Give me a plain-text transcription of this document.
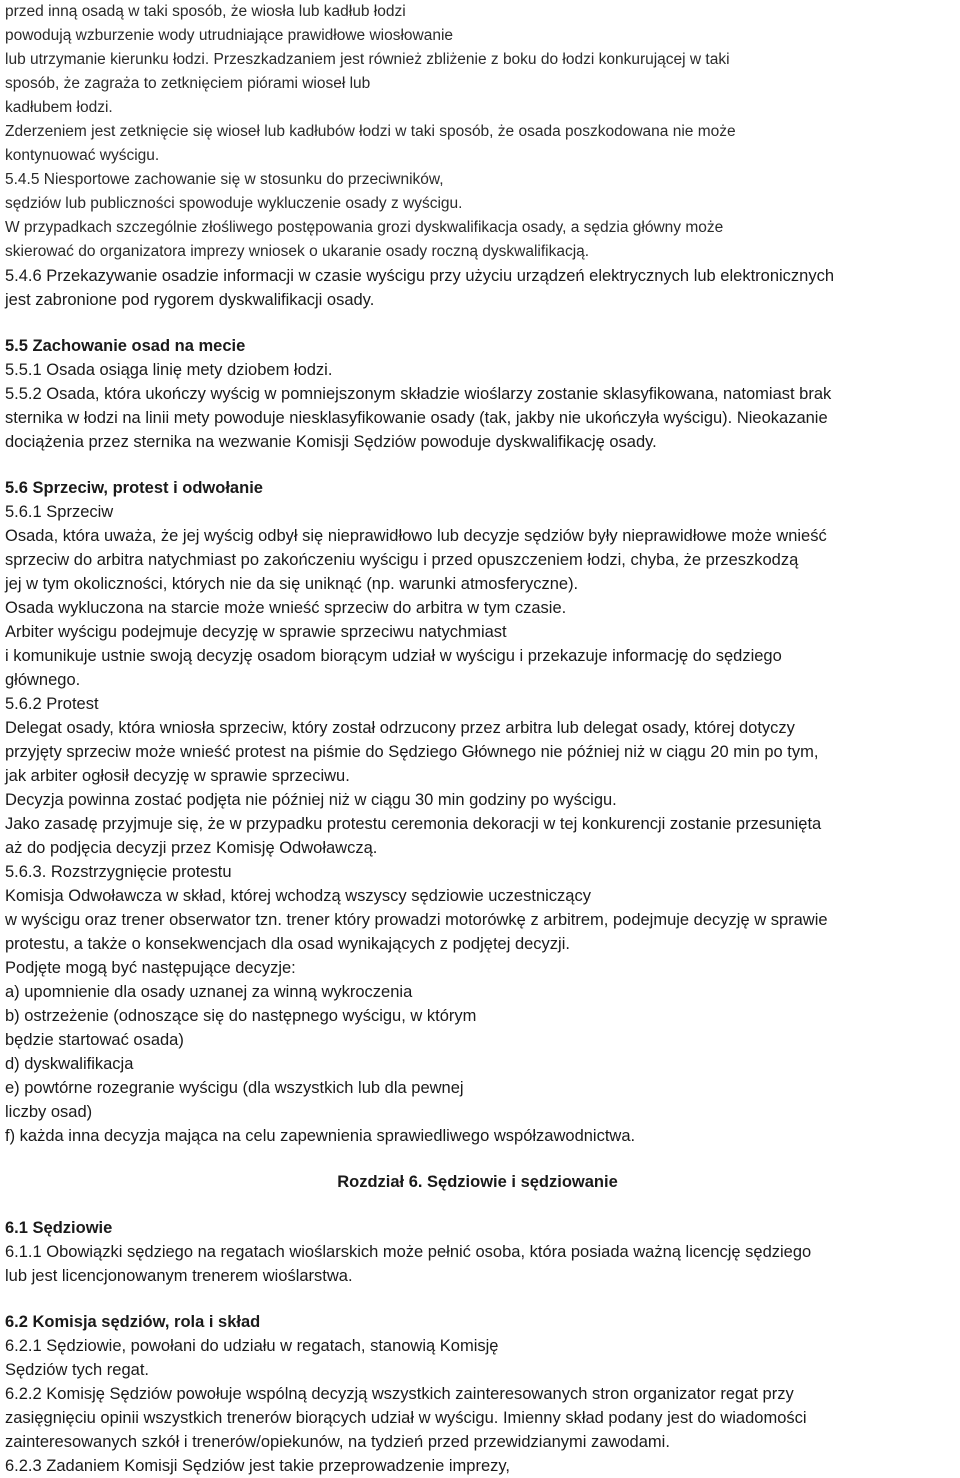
przed inną osadą w taki sposób, że wiosła lub kadłub łodzi
powodują wzburzenie wody utrudniające prawidłowe wiosłowanie
lub utrzymanie kierunku łodzi. Przeszkadzaniem jest również zbliżenie z boku do łodzi konkurującej w taki
sposób, że zagraża to zetknięciem piórami wioseł lub
kadłubem łodzi.
Zderzeniem jest zetknięcie się wioseł lub kadłubów łodzi w taki sposób, że osada poszkodowana nie może
kontynuować wyścigu.
5.4.5 Niesportowe zachowanie się w stosunku do przeciwników,
sędziów lub publiczności spowoduje wykluczenie osady z wyścigu.
W przypadkach szczególnie złośliwego postępowania grozi dyskwalifikacja osady, a sędzia główny może
skierować do organizatora imprezy wniosek o ukaranie osady roczną dyskwalifikacją.
5.4.6 Przekazywanie osadzie informacji w czasie wyścigu przy użyciu urządzeń elektrycznych lub elektronicznych
jest zabronione pod rygorem dyskwalifikacji osady.
5.5 Zachowanie osad na mecie
5.5.1 Osada osiąga linię mety dziobem łodzi.
5.5.2 Osada, która ukończy wyścig w pomniejszonym składzie wioślarzy zostanie sklasyfikowana, natomiast brak
sternika w łodzi na linii mety powoduje niesklasyfikowanie osady (tak, jakby nie ukończyła wyścigu). Nieokazanie
dociążenia przez sternika na wezwanie Komisji Sędziów powoduje dyskwalifikację osady.
5.6 Sprzeciw, protest i odwołanie
5.6.1 Sprzeciw
Osada, która uważa, że jej wyścig odbył się nieprawidłowo lub decyzje sędziów były nieprawidłowe może wnieść
sprzeciw do arbitra natychmiast po zakończeniu wyścigu i przed opuszczeniem łodzi, chyba, że przeszkodzą
jej w tym okoliczności, których nie da się uniknąć (np. warunki atmosferyczne).
Osada wykluczona na starcie może wnieść sprzeciw do arbitra w tym czasie.
Arbiter wyścigu podejmuje decyzję w sprawie sprzeciwu natychmiast
i komunikuje ustnie swoją decyzję osadom biorącym udział w wyścigu i przekazuje informację do sędziego
głównego.
5.6.2 Protest
Delegat osady, która wniosła sprzeciw, który został odrzucony przez arbitra lub delegat osady, której dotyczy
przyjęty sprzeciw może wnieść protest na piśmie do Sędziego Głównego nie później niż w ciągu 20 min po tym,
jak arbiter ogłosił decyzję w sprawie sprzeciwu.
Decyzja powinna zostać podjęta nie później niż w ciągu 30 min godziny po wyścigu.
Jako zasadę przyjmuje się, że w przypadku protestu ceremonia dekoracji w tej konkurencji zostanie przesunięta
aż do podjęcia decyzji przez Komisję Odwoławczą.
5.6.3. Rozstrzygnięcie protestu
Komisja Odwoławcza w skład, której wchodzą wszyscy sędziowie uczestniczący
w wyścigu oraz trener obserwator tzn. trener który prowadzi motorówkę z arbitrem, podejmuje decyzję w sprawie
protestu, a także o konsekwencjach dla osad wynikających z podjętej decyzji.
Podjęte mogą być następujące decyzje:
a) upomnienie dla osady uznanej za winną wykroczenia
b) ostrzeżenie (odnoszące się do następnego wyścigu, w którym
będzie startować osada)
d) dyskwalifikacja
e) powtórne rozegranie wyścigu (dla wszystkich lub dla pewnej
liczby osad)
f) każda inna decyzja mająca na celu zapewnienia sprawiedliwego współzawodnictwa.
Rozdział 6. Sędziowie i sędziowanie
6.1 Sędziowie
6.1.1 Obowiązki sędziego na regatach wioślarskich może pełnić osoba, która posiada ważną licencję sędziego
lub jest licencjonowanym trenerem wioślarstwa.
6.2 Komisja sędziów, rola i skład
6.2.1 Sędziowie, powołani do udziału w regatach, stanowią Komisję
Sędziów tych regat.
6.2.2 Komisję Sędziów powołuje wspólną decyzją wszystkich zainteresowanych stron organizator regat przy
zasięgnięciu opinii wszystkich trenerów biorących udział w wyścigu. Imienny skład podany jest do wiadomości
zainteresowanych szkół i trenerów/opiekunów, na tydzień przed przewidzianymi zawodami.
6.2.3 Zadaniem Komisji Sędziów jest takie przeprowadzenie imprezy,
